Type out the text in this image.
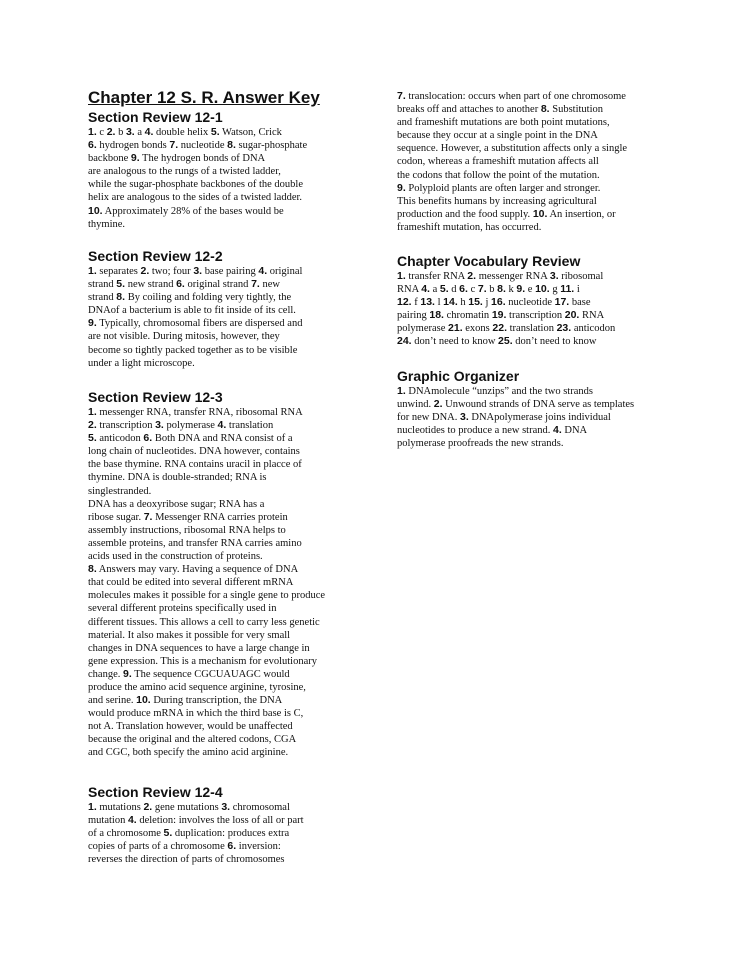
Chapter 12 S. R. Answer Key
Section Review 12-1
1. c 2. b 3. a 4. double helix 5. Watson, Crick
6. hydrogen bonds 7. nucleotide 8. sugar-phosphate
backbone 9. The hydrogen bonds of DNA
are analogous to the rungs of a twisted ladder,
while the sugar-phosphate backbones of the double
helix are analogous to the sides of a twisted ladder.
10. Approximately 28% of the bases would be
thymine.
Section Review 12-2
1. separates 2. two; four 3. base pairing 4. original
strand 5. new strand 6. original strand 7. new
strand 8. By coiling and folding very tightly, the
DNAof a bacterium is able to fit inside of its cell.
9. Typically, chromosomal fibers are dispersed and
are not visible. During mitosis, however, they
become so tightly packed together as to be visible
under a light microscope.
Section Review 12-3
1. messenger RNA, transfer RNA, ribosomal RNA
2. transcription 3. polymerase 4. translation
5. anticodon 6. Both DNA and RNA consist of a
long chain of nucleotides. DNA however, contains
the base thymine. RNA contains uracil in placce of
thymine. DNA is double-stranded; RNA is
singlestranded.
DNA has a deoxyribose sugar; RNA has a
ribose sugar. 7. Messenger RNA carries protein
assembly instructions, ribosomal RNA helps to
assemble proteins, and transfer RNA carries amino
acids used in the construction of proteins.
8. Answers may vary. Having a sequence of DNA
that could be edited into several different mRNA
molecules makes it possible for a single gene to produce
several different proteins specifically used in
different tissues. This allows a cell to carry less genetic
material. It also makes it possible for very small
changes in DNA sequences to have a large change in
gene expression. This is a mechanism for evolutionary
change. 9. The sequence CGCUAUAGC would
produce the amino acid sequence arginine, tyrosine,
and serine. 10. During transcription, the DNA
would produce mRNA in which the third base is C,
not A. Translation however, would be unaffected
because the original and the altered codons, CGA
and CGC, both specify the amino acid arginine.
Section Review 12-4
1. mutations 2. gene mutations 3. chromosomal
mutation 4. deletion: involves the loss of all or part
of a chromosome 5. duplication: produces extra
copies of parts of a chromosome 6. inversion:
reverses the direction of parts of chromosomes
7. translocation: occurs when part of one chromosome
breaks off and attaches to another 8. Substitution
and frameshift mutations are both point mutations,
because they occur at a single point in the DNA
sequence. However, a substitution affects only a single
codon, whereas a frameshift mutation affects all
the codons that follow the point of the mutation.
9. Polyploid plants are often larger and stronger.
This benefits humans by increasing agricultural
production and the food supply. 10. An insertion, or
frameshift mutation, has occurred.
Chapter Vocabulary Review
1. transfer RNA 2. messenger RNA 3. ribosomal
RNA 4. a 5. d 6. c 7. b 8. k 9. e 10. g 11. i
12. f 13. l 14. h 15. j 16. nucleotide 17. base
pairing 18. chromatin 19. transcription 20. RNA
polymerase 21. exons 22. translation 23. anticodon
24. don’t need to know 25. don’t need to know
Graphic Organizer
1. DNAmolecule “unzips” and the two strands
unwind. 2. Unwound strands of DNA serve as templates
for new DNA. 3. DNApolymerase joins individual
nucleotides to produce a new strand. 4. DNA
polymerase proofreads the new strands.
